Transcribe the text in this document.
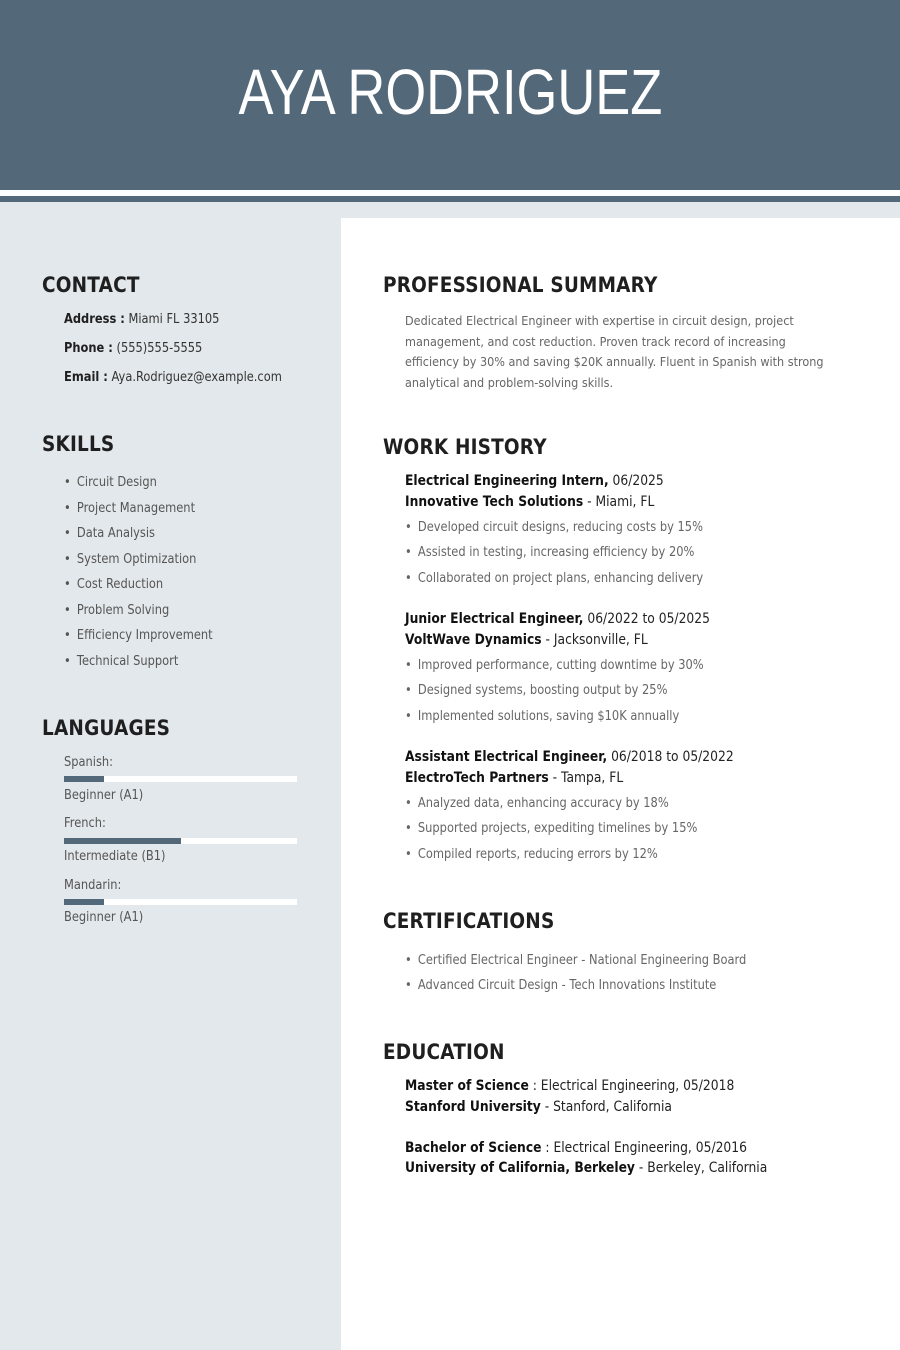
AYA RODRIGUEZ
CONTACT
Address : Miami FL 33105
Phone : (555)555-5555
Email : Aya.Rodriguez@example.com
SKILLS
• Circuit Design
• Project Management
• Data Analysis
• System Optimization
• Cost Reduction
• Problem Solving
• Efficiency Improvement
• Technical Support
LANGUAGES
Spanish:
Beginner (A1)
French:
Intermediate (B1)
Mandarin:
Beginner (A1)
PROFESSIONAL SUMMARY
Dedicated Electrical Engineer with expertise in circuit design, project management, and cost reduction. Proven track record of increasing efficiency by 30% and saving $20K annually. Fluent in Spanish with strong analytical and problem-solving skills.
WORK HISTORY
Electrical Engineering Intern, 06/2025
Innovative Tech Solutions - Miami, FL
• Developed circuit designs, reducing costs by 15%
• Assisted in testing, increasing efficiency by 20%
• Collaborated on project plans, enhancing delivery
Junior Electrical Engineer, 06/2022 to 05/2025
VoltWave Dynamics - Jacksonville, FL
• Improved performance, cutting downtime by 30%
• Designed systems, boosting output by 25%
• Implemented solutions, saving $10K annually
Assistant Electrical Engineer, 06/2018 to 05/2022
ElectroTech Partners - Tampa, FL
• Analyzed data, enhancing accuracy by 18%
• Supported projects, expediting timelines by 15%
• Compiled reports, reducing errors by 12%
CERTIFICATIONS
• Certified Electrical Engineer - National Engineering Board
• Advanced Circuit Design - Tech Innovations Institute
EDUCATION
Master of Science : Electrical Engineering, 05/2018
Stanford University - Stanford, California
Bachelor of Science : Electrical Engineering, 05/2016
University of California, Berkeley - Berkeley, California
